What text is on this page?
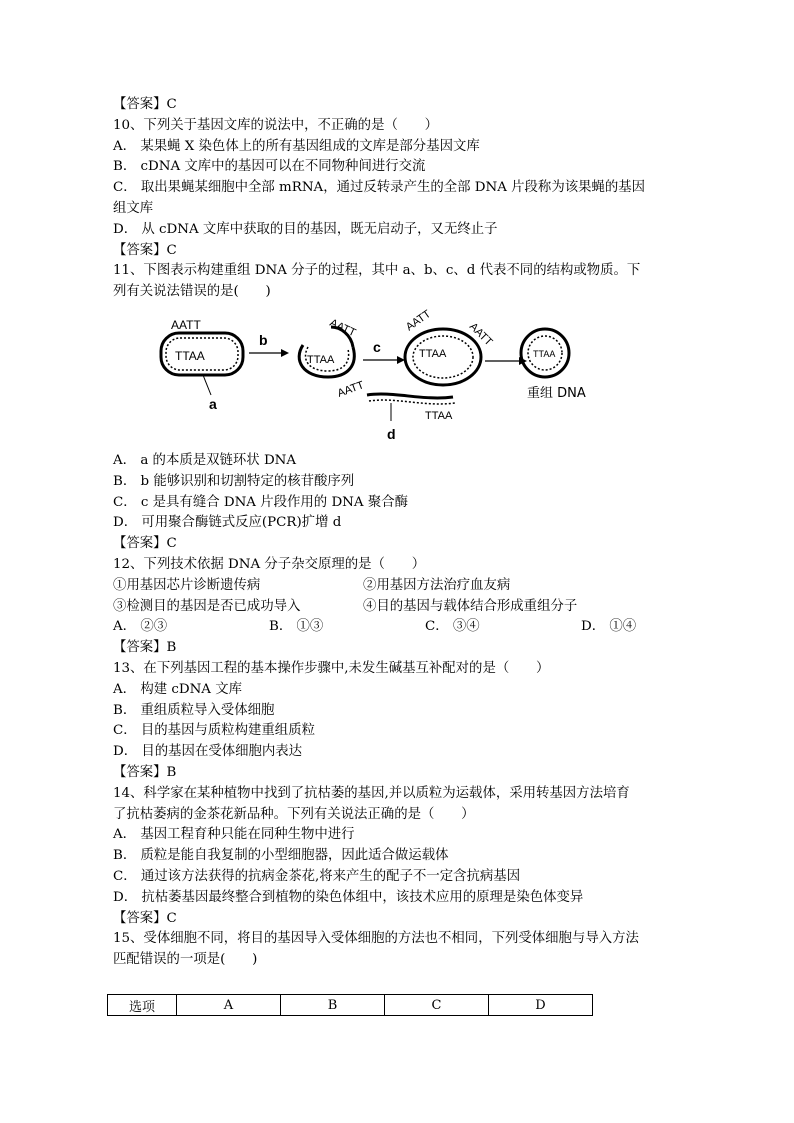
【答案】C
10、下列关于基因文库的说法中，不正确的是（　　）
A． 某果蝇 X 染色体上的所有基因组成的文库是部分基因文库
B． cDNA 文库中的基因可以在不同物种间进行交流
C． 取出果蝇某细胞中全部 mRNA，通过反转录产生的全部 DNA 片段称为该果蝇的基因
组文库
D． 从 cDNA 文库中获取的目的基因，既无启动子，又无终止子
【答案】C
11、下图表示构建重组 DNA 分子的过程，其中 a、b、c、d 代表不同的结构或物质。下
列有关说法错误的是(　　)
AATT
TTAA
a
b
TTAA
AATT
c
AATT
TTAA
d
AATT	AATT
TTAA	TTAA
重组 DNA
A． a 的本质是双链环状 DNA
B． b 能够识别和切割特定的核苷酸序列
C． c 是具有缝合 DNA 片段作用的 DNA 聚合酶
D． 可用聚合酶链式反应(PCR)扩增 d
【答案】C
12、下列技术依据 DNA 分子杂交原理的是（　　）
①用基因芯片诊断遗传病	②用基因方法治疗血友病
③检测目的基因是否已成功导入	④目的基因与载体结合形成重组分子
A． ②③	B． ①③	C． ③④	D． ①④
【答案】B
13、在下列基因工程的基本操作步骤中,未发生碱基互补配对的是（　　）
A． 构建 cDNA 文库
B． 重组质粒导入受体细胞
C． 目的基因与质粒构建重组质粒
D． 目的基因在受体细胞内表达
【答案】B
14、科学家在某种植物中找到了抗枯萎的基因,并以质粒为运载体，采用转基因方法培育
了抗枯萎病的金茶花新品种。下列有关说法正确的是（　　）
A． 基因工程育种只能在同种生物中进行
B． 质粒是能自我复制的小型细胞器，因此适合做运载体
C． 通过该方法获得的抗病金茶花,将来产生的配子不一定含抗病基因
D． 抗枯萎基因最终整合到植物的染色体组中，该技术应用的原理是染色体变异
【答案】C
15、受体细胞不同，将目的基因导入受体细胞的方法也不相同，下列受体细胞与导入方法
匹配错误的一项是(　　)
选项	A	B	C	D
